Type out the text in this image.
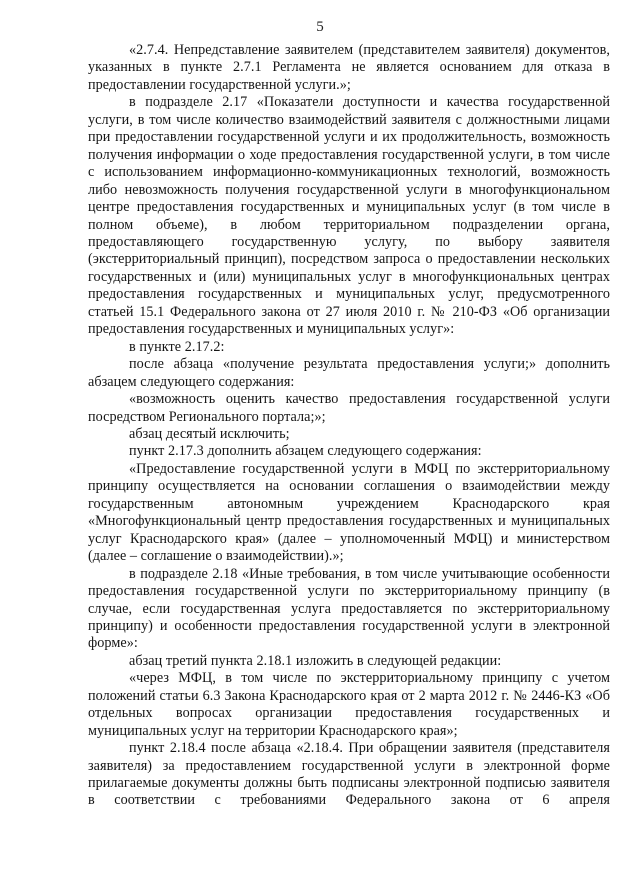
5

«2.7.4. Непредставление заявителем (представителем заявителя) документов, указанных в пункте 2.7.1 Регламента не является основанием для отказа в предоставлении государственной услуги.»;

в подразделе 2.17 «Показатели доступности и качества государственной услуги, в том числе количество взаимодействий заявителя с должностными лицами при предоставлении государственной услуги и их продолжительность, возможность получения информации о ходе предоставления государственной услуги, в том числе с использованием информационно-коммуникационных технологий, возможность либо невозможность получения государственной услуги в многофункциональном центре предоставления государственных и муниципальных услуг (в том числе в полном объеме), в любом территориальном подразделении органа, предоставляющего государственную услугу, по выбору заявителя (экстерриториальный принцип), посредством запроса о предоставлении нескольких государственных и (или) муниципальных услуг в многофункциональных центрах предоставления государственных и муниципальных услуг, предусмотренного статьей 15.1 Федерального закона от 27 июля 2010 г. № 210-ФЗ «Об организации предоставления государственных и муниципальных услуг»:

в пункте 2.17.2:

после абзаца «получение результата предоставления услуги;» дополнить абзацем следующего содержания:

«возможность оценить качество предоставления государственной услуги посредством Регионального портала;»;

абзац десятый исключить;

пункт 2.17.3 дополнить абзацем следующего содержания:

«Предоставление государственной услуги в МФЦ по экстерриториальному принципу осуществляется на основании соглашения о взаимодействии между государственным автономным учреждением Краснодарского края «Многофункциональный центр предоставления государственных и муниципальных услуг Краснодарского края» (далее – уполномоченный МФЦ) и министерством (далее – соглашение о взаимодействии).»;

в подразделе 2.18 «Иные требования, в том числе учитывающие особенности предоставления государственной услуги по экстерриториальному принципу (в случае, если государственная услуга предоставляется по экстерриториальному принципу) и особенности предоставления государственной услуги в электронной форме»:

абзац третий пункта 2.18.1 изложить в следующей редакции:

«через МФЦ, в том числе по экстерриториальному принципу с учетом положений статьи 6.3 Закона Краснодарского края от 2 марта 2012 г. № 2446-КЗ «Об отдельных вопросах организации предоставления государственных и муниципальных услуг на территории Краснодарского края»;

пункт 2.18.4 после абзаца «2.18.4. При обращении заявителя (представителя заявителя) за предоставлением государственной услуги в электронной форме прилагаемые документы должны быть подписаны электронной подписью заявителя в соответствии с требованиями Федерального закона от 6 апреля
